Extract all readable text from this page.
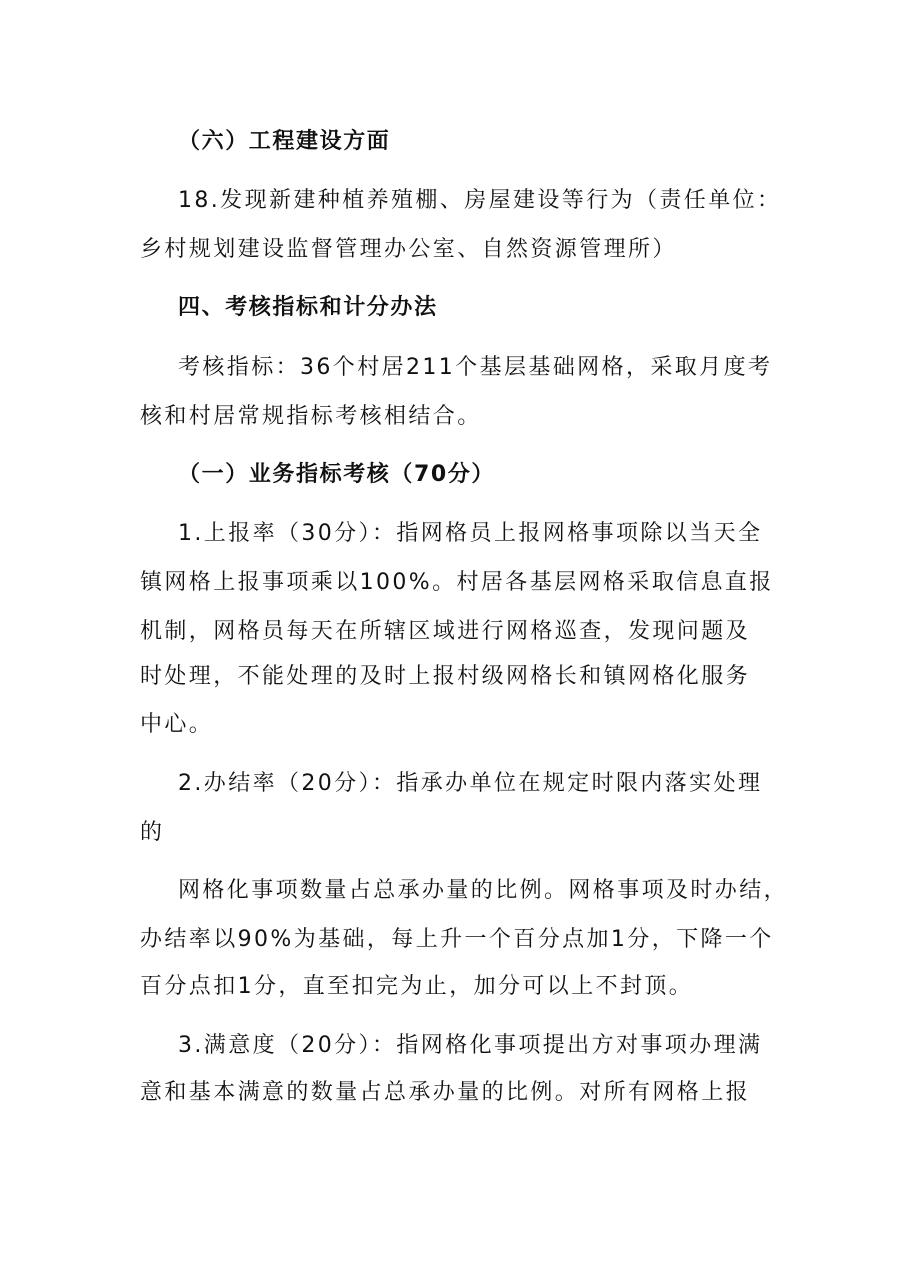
（六）工程建设方面

18.发现新建种植养殖棚、房屋建设等行为（责任单位：

乡村规划建设监督管理办公室、自然资源管理所）

四、考核指标和计分办法

考核指标：36个村居211个基层基础网格，采取月度考

核和村居常规指标考核相结合。

（一）业务指标考核（70分）

1.上报率（30分）：指网格员上报网格事项除以当天全

镇网格上报事项乘以100%。村居各基层网格采取信息直报

机制，网格员每天在所辖区域进行网格巡查，发现问题及

时处理，不能处理的及时上报村级网格长和镇网格化服务

中心。

2.办结率（20分）：指承办单位在规定时限内落实处理

的

网格化事项数量占总承办量的比例。网格事项及时办结，

办结率以90%为基础，每上升一个百分点加1分，下降一个

百分点扣1分，直至扣完为止，加分可以上不封顶。

3.满意度（20分）：指网格化事项提出方对事项办理满

意和基本满意的数量占总承办量的比例。对所有网格上报
